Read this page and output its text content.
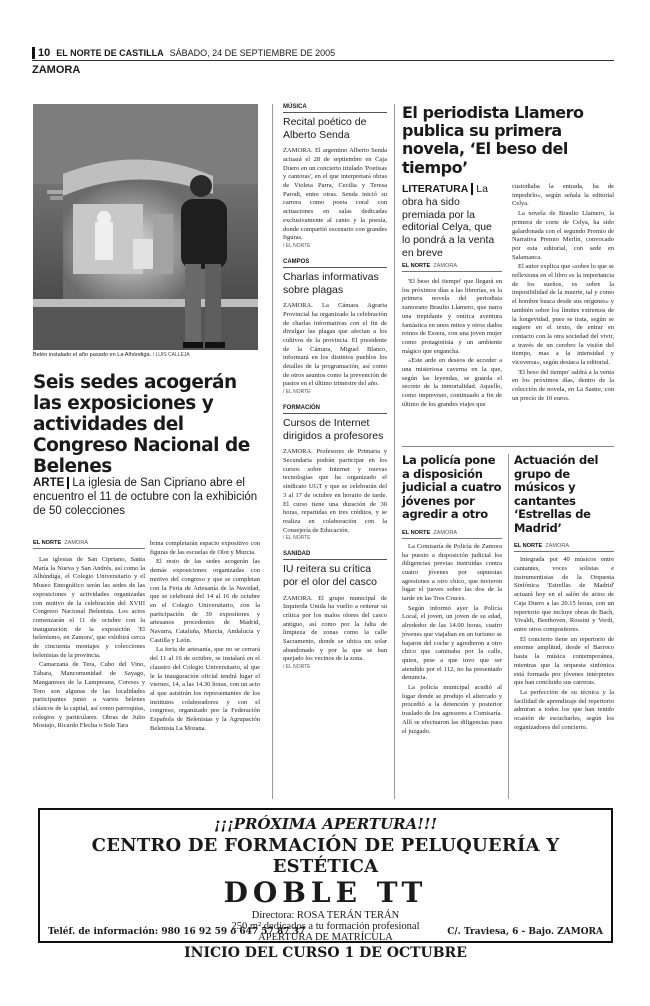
10 EL NORTE DE CASTILLA SÁBADO, 24 DE SEPTIEMBRE DE 2005
ZAMORA
Belén instalado el año pasado en La Alhóndiga. / LUIS CALLEJA
Seis sedes acogerán las exposiciones y actividades del Congreso Nacional de Belenes
ARTE La iglesia de San Cipriano abre el encuentro el 11 de octubre con la exhibición de 50 colecciones
EL NORTE ZAMORA

Las iglesias de San Cipriano, Santa María la Nueva y San Andrés, así como la Alhóndiga, el Colegio Universitario y el Museo Etnográfico serán las sedes de las exposiciones y actividades organizadas con motivo de la celebración del XVIII Congreso Nacional Belenista. Los actos comenzarán el 11 de octubre con la inauguración de la exposición 'El belenismo, en Zamora', que exhibirá cerca de cincuenta montajes y colecciones belenistas de la provincia.

Camarzana de Tera, Cubo del Vino, Tábara, Mancomunidad de Sayago, Manganeses de la Lampreana, Coreses y Toro son algunas de las localidades participantes junto a varios belenes clásicos de la capital, así como parroquias, colegios y particulares. Obras de Julio Mostajo, Ricardo Flecha o Sole Tara

brina completarán espacio expositivo con figuras de las escuelas de Olot y Murcia.

El resto de las sedes acogerán las demás exposiciones organizadas con motivo del congreso y que se completan con la Feria de Artesanía de la Navidad, que se celebrará del 14 al 16 de octubre en el Colegio Universitario, con la participación de 39 expositores y artesanos procedentes de Madrid, Navarra, Cataluña, Murcia, Andalucía y Castilla y León.

La feria de artesanía, que no se cerrará del 11 al 16 de octubre, se instalará en el claustro del Colegio Universitario, al que le la inauguración oficial tendrá lugar el viernes, 14, a las 14.30 horas, con un acto al que asistirán los representantes de los institutos colaboradores y con el congreso, organizado por la Federación Española de Belenistas y la Agrupación Belenista La Morana.

MÚSICA
Recital poético de Alberto Senda
ZAMORA. El argentino Alberto Senda actuará el 28 de septiembre en Caja Duero en un concierto titulado 'Poetisas y cantoras', en el que interpretará obras de Violeta Parra, Cecilia y Teresa Parodi, entre otras. Senda inició su carrera como poeta coral con actuaciones en salas dedicadas exclusivamente al canto y la poesía, donde compartió escenario con grandes figuras.
/ EL NORTE
CAMPOS
Charlas informativas sobre plagas
ZAMORA. La Cámara Agraria Provincial ha organizado la celebración de charlas informativas con el fin de divulgar las plagas que afectan a los cultivos de la provincia. El presidente de la Cámara, Miguel Blanco, informará en los distintos pueblos los detalles de la programación, así como de otros asuntos como la prevención de pastos en el último trimestre del año.
/ EL NORTE
FORMACIÓN
Cursos de Internet dirigidos a profesores
ZAMORA. Profesores de Primaria y Secundaria podrán participar en los cursos sobre Internet y nuevas tecnologías que ha organizado el sindicato UGT y que se celebrarán del 3 al 17 de octubre en horario de tarde. El curso tiene una duración de 30 horas, repartidas en tres créditos, y se realiza en colaboración con la Consejería de Educación.
/ EL NORTE
SANIDAD
IU reitera su crítica por el olor del casco
ZAMORA. El grupo municipal de Izquierda Unida ha vuelto a reiterar su crítica por los malos olores del casco antiguo, así como por la falta de limpieza de zonas como la calle Sacramento, donde se ubica un solar abandonado y por la que se han quejado los vecinos de la zona.
/ EL NORTE
El periodista Llamero publica su primera novela, ‘El beso del tiempo’
LITERATURA La obra ha sido premiada por la editorial Celya, que lo pondrá a la venta en breve
EL NORTE ZAMORA

'El beso del tiempo' que llegará en los próximos días a las librerías, es la primera novela del periodista zamorano Braulio Llamero, que narra una trepidante y onírica aventura fantástica en unos mitos y otros dados reinos de Essera, con una joven mujer como protagonista y un ambiente mágico que engancha.

«Este arde en deseos de acceder a una misteriosa caverna en la que, según las leyendas, se guarda el secreto de la inmortalidad. Aquello, como imprevisto, continuado a fin de último de los grandes viajes que

custodiaba la entrada, ha de impedirlo», según señala la editorial Celya.

La novela de Braulio Llamero, la primera de corte de Celya, ha sido galardonada con el segundo Premio de Narrativa Premio Merlín, convocado por esta editorial, con sede en Salamanca.

El autor explica que «sobre lo que se reflexiona en el libro es la importancia de los sueños, es sobre la imposibilidad de la muerte, tal y como el hombre busca desde sus orígenes» y también sobre los límites extremos de la longevidad, pues se trata, según se sugiere en el texto, de entrar en contacto con la otra sociedad del vivir, a través de un cerebro la visión del tiempo, mas a la intensidad y viceversa», según destaca la editorial.

'El beso del tiempo' saldrá a la venta en los próximos días, dentro de la colección de novela, en La Sastre, con un precio de 10 euros.

La policía pone a disposición judicial a cuatro jóvenes por agredir a otro
EL NORTE ZAMORA

La Comisaría de Policía de Zamora ha puesto a disposición judicial los diligencias previas instruidas contra cuatro jóvenes por supuestas agresiones a otro chico, que tuvieron lugar el jueves sobre las dos de la tarde en las Tres Cruces.

Según informó ayer la Policía Local, el joven, un joven de su edad, alrededor de las 14.00 horas, cuatro jóvenes que viajaban en un turismo se bajaron del coche y agredieron a otro chico que caminaba por la calle, quien, pese a que tuvo que ser atendido por el 112, no ha presentado denuncia.

La policía municipal acudió al lugar donde se produjo el altercado y procedió a la detención y posterior traslado de los agresores a Comisaría. Allí se efectuaron las diligencias para el juzgado.

Actuación del grupo de músicos y cantantes ‘Estrellas de Madrid’
EL NORTE ZAMORA

Integrada por 40 músicos entre cantantes, voces solistas e instrumentistas de la Orquesta Sinfónica 'Estrellas de Madrid' actuará hoy en el salón de actos de Caja Duero a las 20.15 horas, con un repertorio que incluye obras de Bach, Vivaldi, Beethoven, Rossini y Verdi, entre otros compositores.

El concierto tiene un repertorio de enorme amplitud, desde el Barroco hasta la música contemporánea, mientras que la orquesta sinfónica está formada por jóvenes intérpretes que han concluido sus carreras.

La perfección de su técnica y la facilidad de aprendizaje del repertorio admiran a todos los que han tenido ocasión de escucharles, según los organizadores del concierto.

¡¡¡PRÓXIMA APERTURA!!!
CENTRO DE FORMACIÓN DE PELUQUERÍA Y ESTÉTICA
DOBLE TT
Directora: ROSA TERÁN TERÁN
250 m² dedicados a tu formación profesional
APERTURA DE MATRÍCULA
INICIO DEL CURSO 1 DE OCTUBRE
Teléf. de información: 980 16 92 59 ó 647 57 87 37	C/. Traviesa, 6 - Bajo. ZAMORA
